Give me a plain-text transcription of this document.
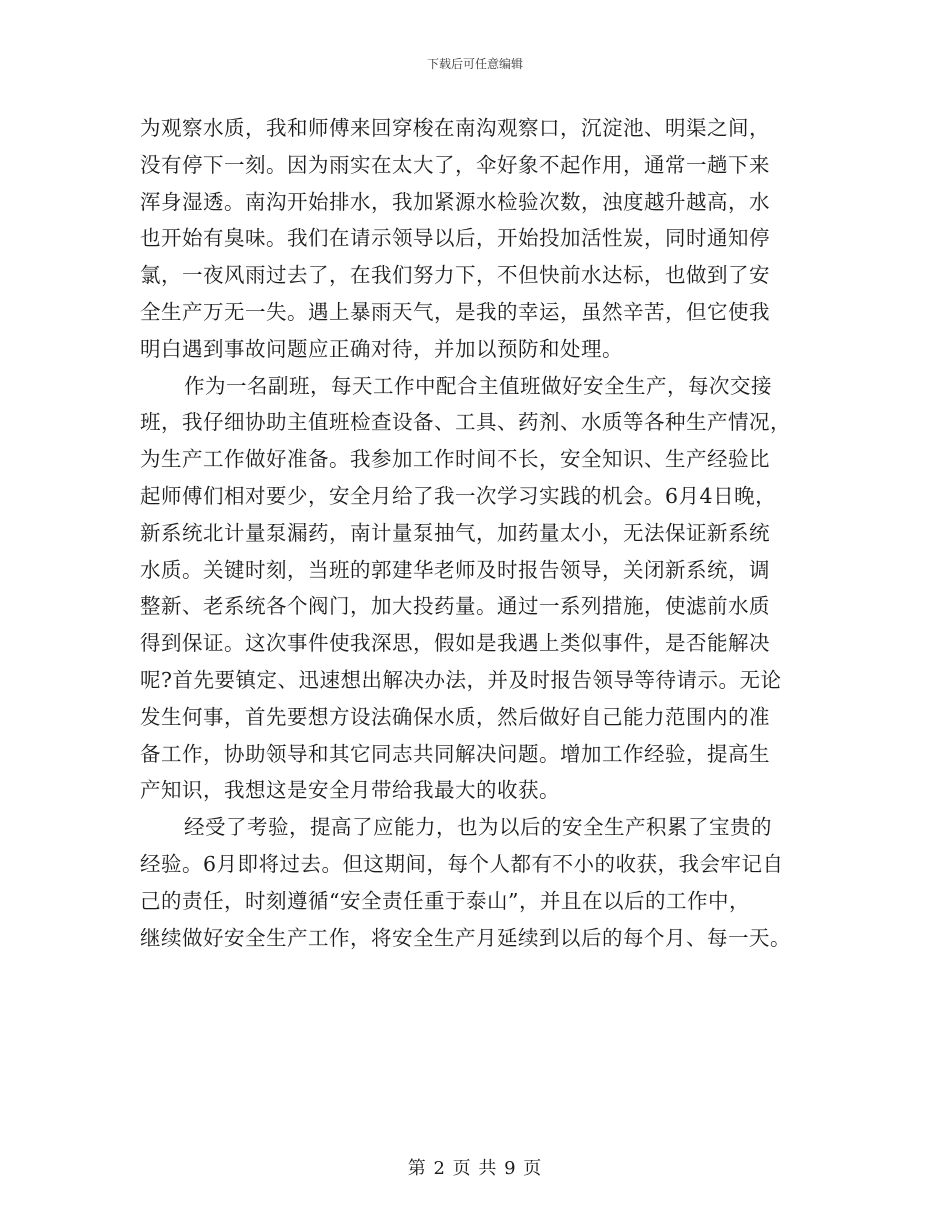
下载后可任意编辑
为观察水质，我和师傅来回穿梭在南沟观察口，沉淀池、明渠之间，
没有停下一刻。因为雨实在太大了，伞好象不起作用，通常一趟下来
浑身湿透。南沟开始排水，我加紧源水检验次数，浊度越升越高，水
也开始有臭味。我们在请示领导以后，开始投加活性炭，同时通知停
氯，一夜风雨过去了，在我们努力下，不但快前水达标，也做到了安
全生产万无一失。遇上暴雨天气，是我的幸运，虽然辛苦，但它使我
明白遇到事故问题应正确对待，并加以预防和处理。
作为一名副班，每天工作中配合主值班做好安全生产，每次交接
班，我仔细协助主值班检查设备、工具、药剂、水质等各种生产情况，
为生产工作做好准备。我参加工作时间不长，安全知识、生产经验比
起师傅们相对要少，安全月给了我一次学习实践的机会。6月4日晚，
新系统北计量泵漏药，南计量泵抽气，加药量太小，无法保证新系统
水质。关键时刻，当班的郭建华老师及时报告领导，关闭新系统，调
整新、老系统各个阀门，加大投药量。通过一系列措施，使滤前水质
得到保证。这次事件使我深思，假如是我遇上类似事件，是否能解决
呢?首先要镇定、迅速想出解决办法，并及时报告领导等待请示。无论
发生何事，首先要想方设法确保水质，然后做好自己能力范围内的准
备工作，协助领导和其它同志共同解决问题。增加工作经验，提高生
产知识，我想这是安全月带给我最大的收获。
经受了考验，提高了应能力，也为以后的安全生产积累了宝贵的
经验。6月即将过去。但这期间，每个人都有不小的收获，我会牢记自
己的责任，时刻遵循“安全责任重于泰山”，并且在以后的工作中，
继续做好安全生产工作，将安全生产月延续到以后的每个月、每一天。
第 2 页 共 9 页
